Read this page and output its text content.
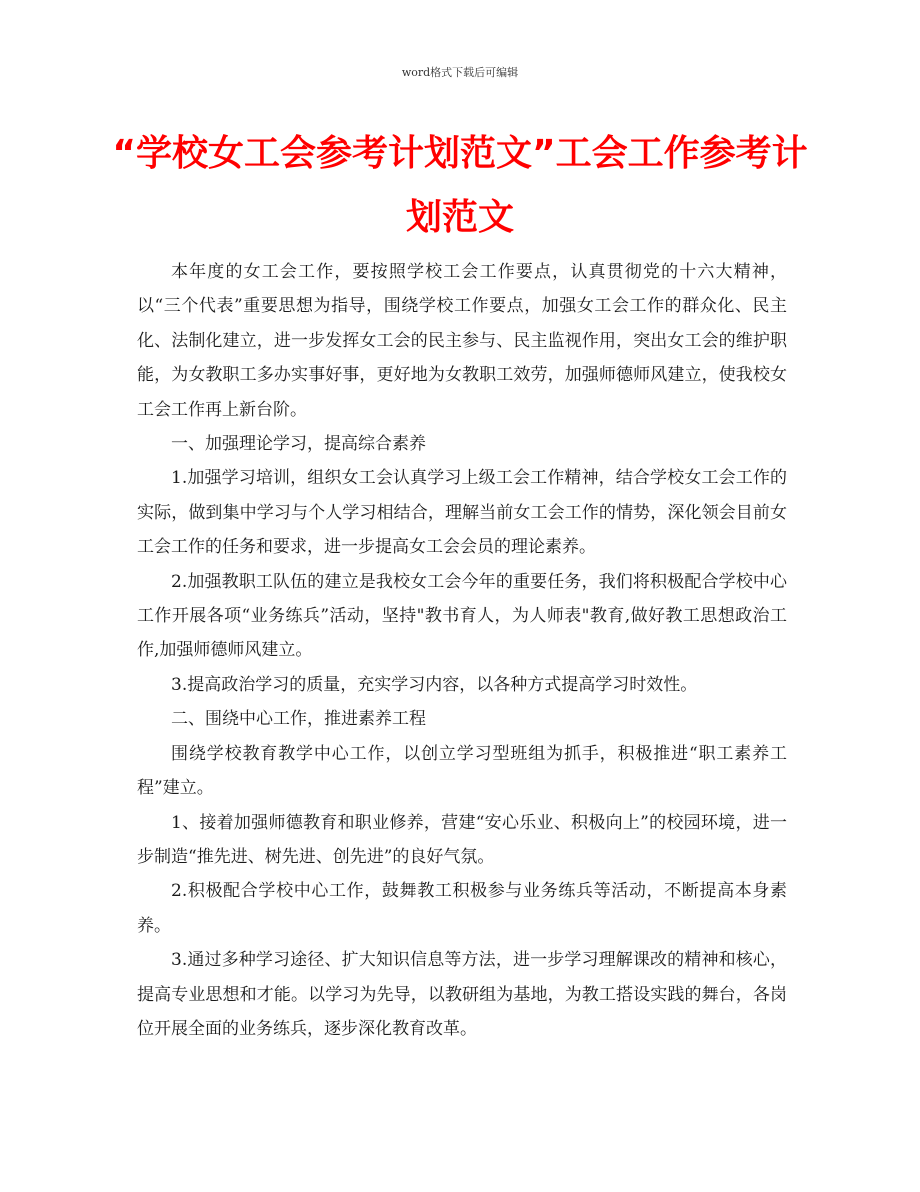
word格式下载后可编辑
“学校女工会参考计划范文”工会工作参考计划范文

本年度的女工会工作，要按照学校工会工作要点，认真贯彻党的十六大精神，以“三个代表”重要思想为指导，围绕学校工作要点，加强女工会工作的群众化、民主化、法制化建立，进一步发挥女工会的民主参与、民主监视作用，突出女工会的维护职能，为女教职工多办实事好事，更好地为女教职工效劳，加强师德师风建立，使我校女工会工作再上新台阶。

一、加强理论学习，提高综合素养

1.加强学习培训，组织女工会认真学习上级工会工作精神，结合学校女工会工作的实际，做到集中学习与个人学习相结合，理解当前女工会工作的情势，深化领会目前女工会工作的任务和要求，进一步提高女工会会员的理论素养。

2.加强教职工队伍的建立是我校女工会今年的重要任务，我们将积极配合学校中心工作开展各项“业务练兵”活动，坚持"教书育人，为人师表"教育,做好教工思想政治工作,加强师德师风建立。

3.提高政治学习的质量，充实学习内容，以各种方式提高学习时效性。

二、围绕中心工作，推进素养工程

围绕学校教育教学中心工作，以创立学习型班组为抓手，积极推进“职工素养工程”建立。

1、接着加强师德教育和职业修养，营建“安心乐业、积极向上”的校园环境，进一步制造“推先进、树先进、创先进”的良好气氛。

2.积极配合学校中心工作，鼓舞教工积极参与业务练兵等活动，不断提高本身素养。

3.通过多种学习途径、扩大知识信息等方法，进一步学习理解课改的精神和核心，提高专业思想和才能。以学习为先导，以教研组为基地，为教工搭设实践的舞台，各岗位开展全面的业务练兵，逐步深化教育改革。
